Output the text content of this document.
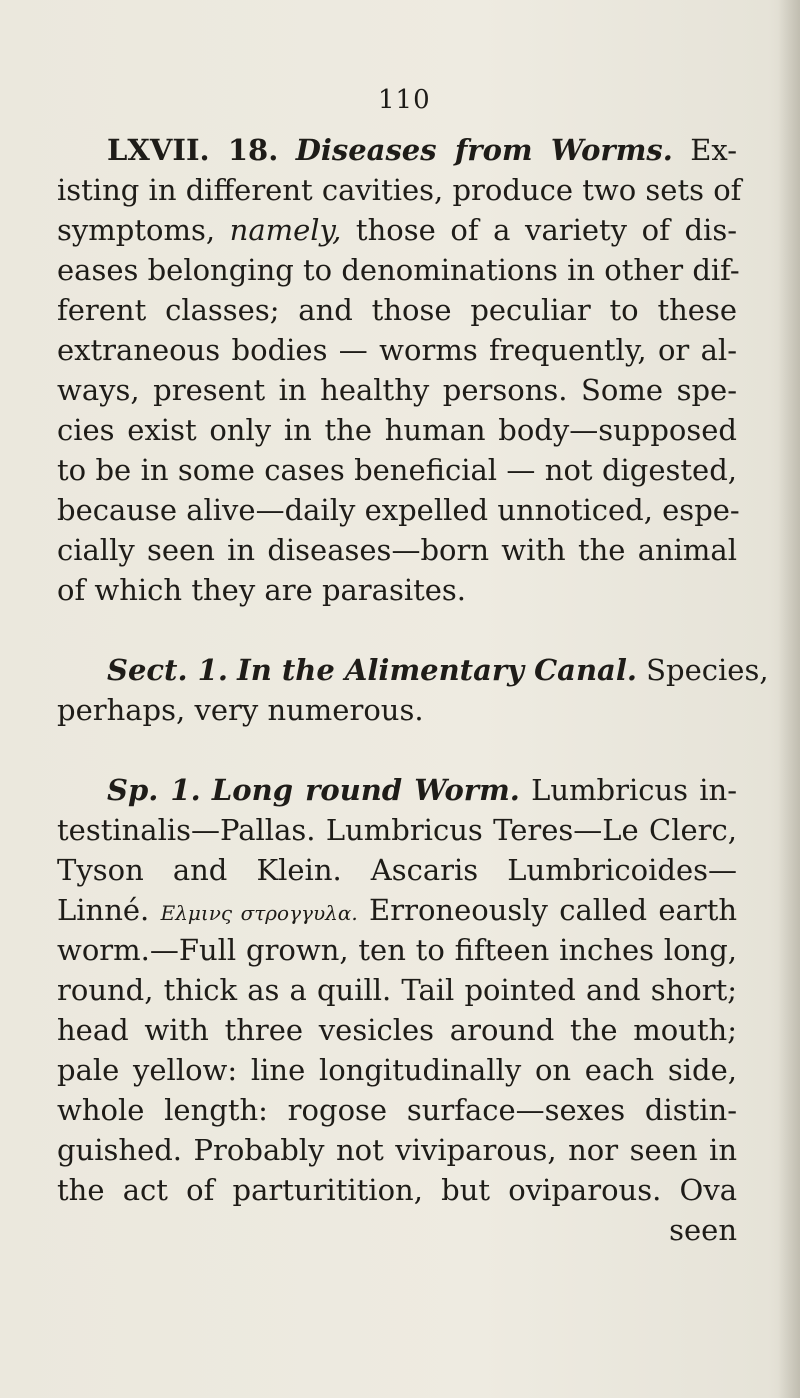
110
LXVII. 18. Diseases from Worms. Ex-
isting in different cavities, produce two sets of
symptoms, namely, those of a variety of dis-
eases belonging to denominations in other dif-
ferent classes; and those peculiar to these
extraneous bodies — worms frequently, or al-
ways, present in healthy persons. Some spe-
cies exist only in the human body—supposed
to be in some cases beneficial — not digested,
because alive—daily expelled unnoticed, espe-
cially seen in diseases—born with the animal
of which they are parasites.
Sect. 1. In the Alimentary Canal. Species,
perhaps, very numerous.
Sp. 1. Long round Worm. Lumbricus in-
testinalis—Pallas. Lumbricus Teres—Le Clerc,
Tyson and Klein. Ascaris Lumbricoides—
Linné. Ελμινς στρογγυλα. Erroneously called earth
worm.—Full grown, ten to fifteen inches long,
round, thick as a quill. Tail pointed and short;
head with three vesicles around the mouth;
pale yellow: line longitudinally on each side,
whole length: rogose surface—sexes distin-
guished. Probably not viviparous, nor seen in
the act of parturitition, but oviparous. Ova
seen
